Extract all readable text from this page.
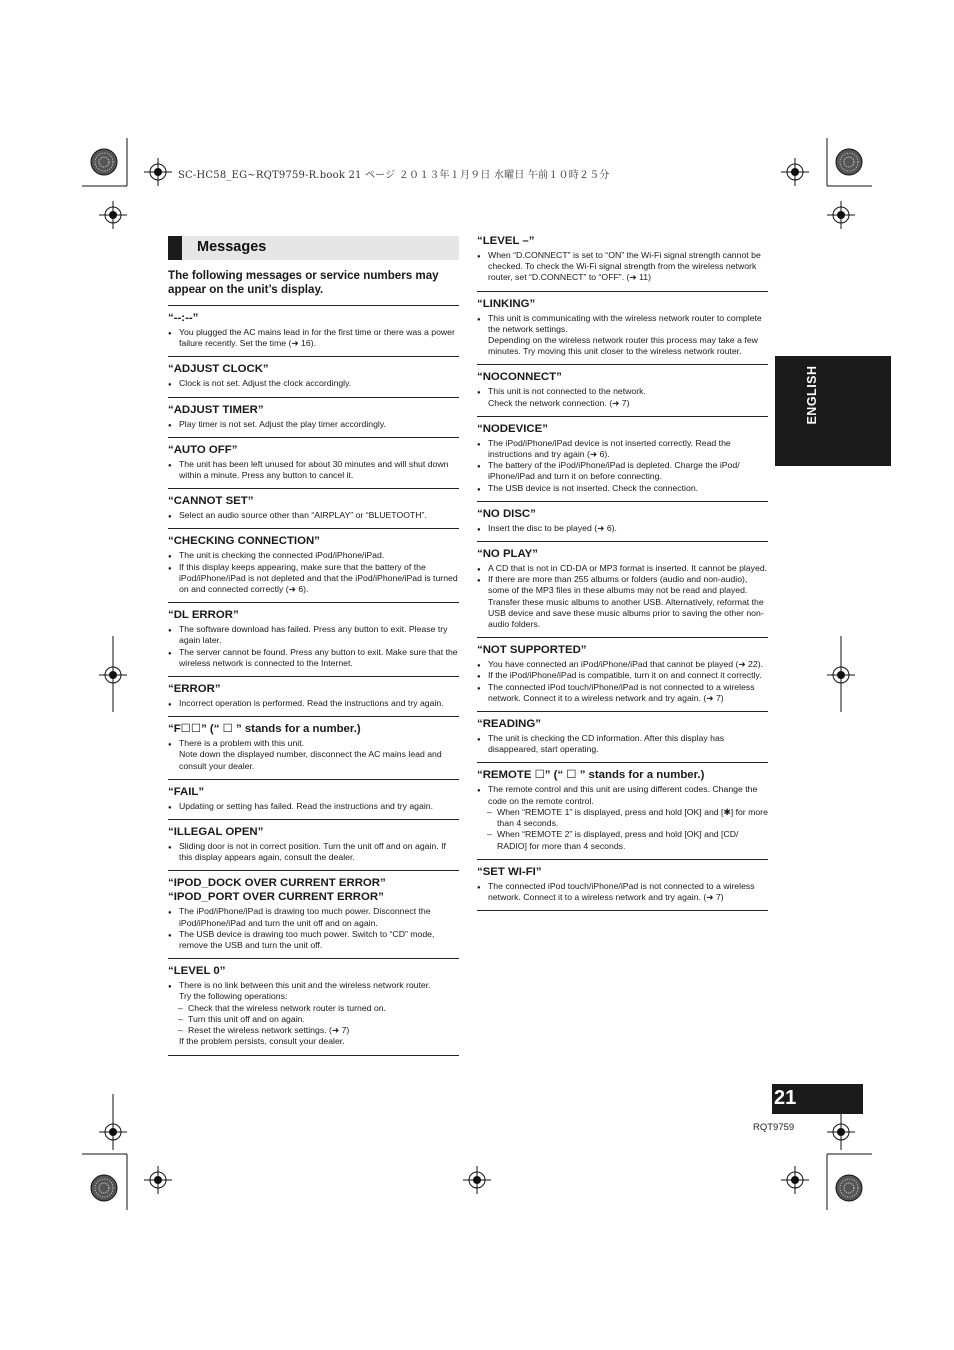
SC-HC58_EG~RQT9759-R.book 21 ページ ２０１３年１月９日 水曜日 午前１０時２５分
Messages
The following messages or service numbers may appear on the unit’s display.
“--:--”
● You plugged the AC mains lead in for the first time or there was a power failure recently. Set the time (➜ 16).
“ADJUST CLOCK”
● Clock is not set. Adjust the clock accordingly.
“ADJUST TIMER”
● Play timer is not set. Adjust the play timer accordingly.
“AUTO OFF”
● The unit has been left unused for about 30 minutes and will shut down within a minute. Press any button to cancel it.
“CANNOT SET”
● Select an audio source other than “AIRPLAY” or “BLUETOOTH”.
“CHECKING CONNECTION”
● The unit is checking the connected iPod/iPhone/iPad.
● If this display keeps appearing, make sure that the battery of the iPod/iPhone/iPad is not depleted and that the iPod/iPhone/iPad is turned on and connected correctly (➜ 6).
“DL ERROR”
● The software download has failed. Press any button to exit. Please try again later.
● The server cannot be found. Press any button to exit. Make sure that the wireless network is connected to the Internet.
“ERROR”
● Incorrect operation is performed. Read the instructions and try again.
“F☐☐” (“ ☐ ” stands for a number.)
● There is a problem with this unit.
Note down the displayed number, disconnect the AC mains lead and consult your dealer.
“FAIL”
● Updating or setting has failed. Read the instructions and try again.
“ILLEGAL OPEN”
● Sliding door is not in correct position. Turn the unit off and on again. If this display appears again, consult the dealer.
“IPOD_DOCK OVER CURRENT ERROR” “IPOD_PORT OVER CURRENT ERROR”
● The iPod/iPhone/iPad is drawing too much power. Disconnect the iPod/iPhone/iPad and turn the unit off and on again.
● The USB device is drawing too much power. Switch to “CD” mode, remove the USB and turn the unit off.
“LEVEL 0”
● There is no link between this unit and the wireless network router.
Try the following operations:
– Check that the wireless network router is turned on.
– Turn this unit off and on again.
– Reset the wireless network settings. (➜ 7)
If the problem persists, consult your dealer.
“LEVEL –”
● When “D.CONNECT” is set to “ON” the Wi-Fi signal strength cannot be checked. To check the Wi-Fi signal strength from the wireless network router, set “D.CONNECT” to “OFF”. (➜ 11)
“LINKING”
● This unit is communicating with the wireless network router to complete the network settings.
Depending on the wireless network router this process may take a few minutes. Try moving this unit closer to the wireless network router.
“NOCONNECT”
● This unit is not connected to the network.
Check the network connection. (➜ 7)
“NODEVICE”
● The iPod/iPhone/iPad device is not inserted correctly. Read the instructions and try again (➜ 6).
● The battery of the iPod/iPhone/iPad is depleted. Charge the iPod/ iPhone/iPad and turn it on before connecting.
● The USB device is not inserted. Check the connection.
“NO DISC”
● Insert the disc to be played (➜ 6).
“NO PLAY”
● A CD that is not in CD-DA or MP3 format is inserted. It cannot be played.
● If there are more than 255 albums or folders (audio and non-audio), some of the MP3 files in these albums may not be read and played. Transfer these music albums to another USB. Alternatively, reformat the USB device and save these music albums prior to saving the other non-audio folders.
“NOT SUPPORTED”
● You have connected an iPod/iPhone/iPad that cannot be played (➜ 22).
● If the iPod/iPhone/iPad is compatible, turn it on and connect it correctly.
● The connected iPod touch/iPhone/iPad is not connected to a wireless network. Connect it to a wireless network and try again. (➜ 7)
“READING”
● The unit is checking the CD information. After this display has disappeared, start operating.
“REMOTE ☐” (“ ☐ ” stands for a number.)
● The remote control and this unit are using different codes. Change the code on the remote control.
– When “REMOTE 1” is displayed, press and hold [OK] and [✱] for more than 4 seconds.
– When “REMOTE 2” is displayed, press and hold [OK] and [CD/ RADIO] for more than 4 seconds.
“SET WI-FI”
● The connected iPod touch/iPhone/iPad is not connected to a wireless network. Connect it to a wireless network and try again. (➜ 7)
ENGLISH
21
RQT9759
